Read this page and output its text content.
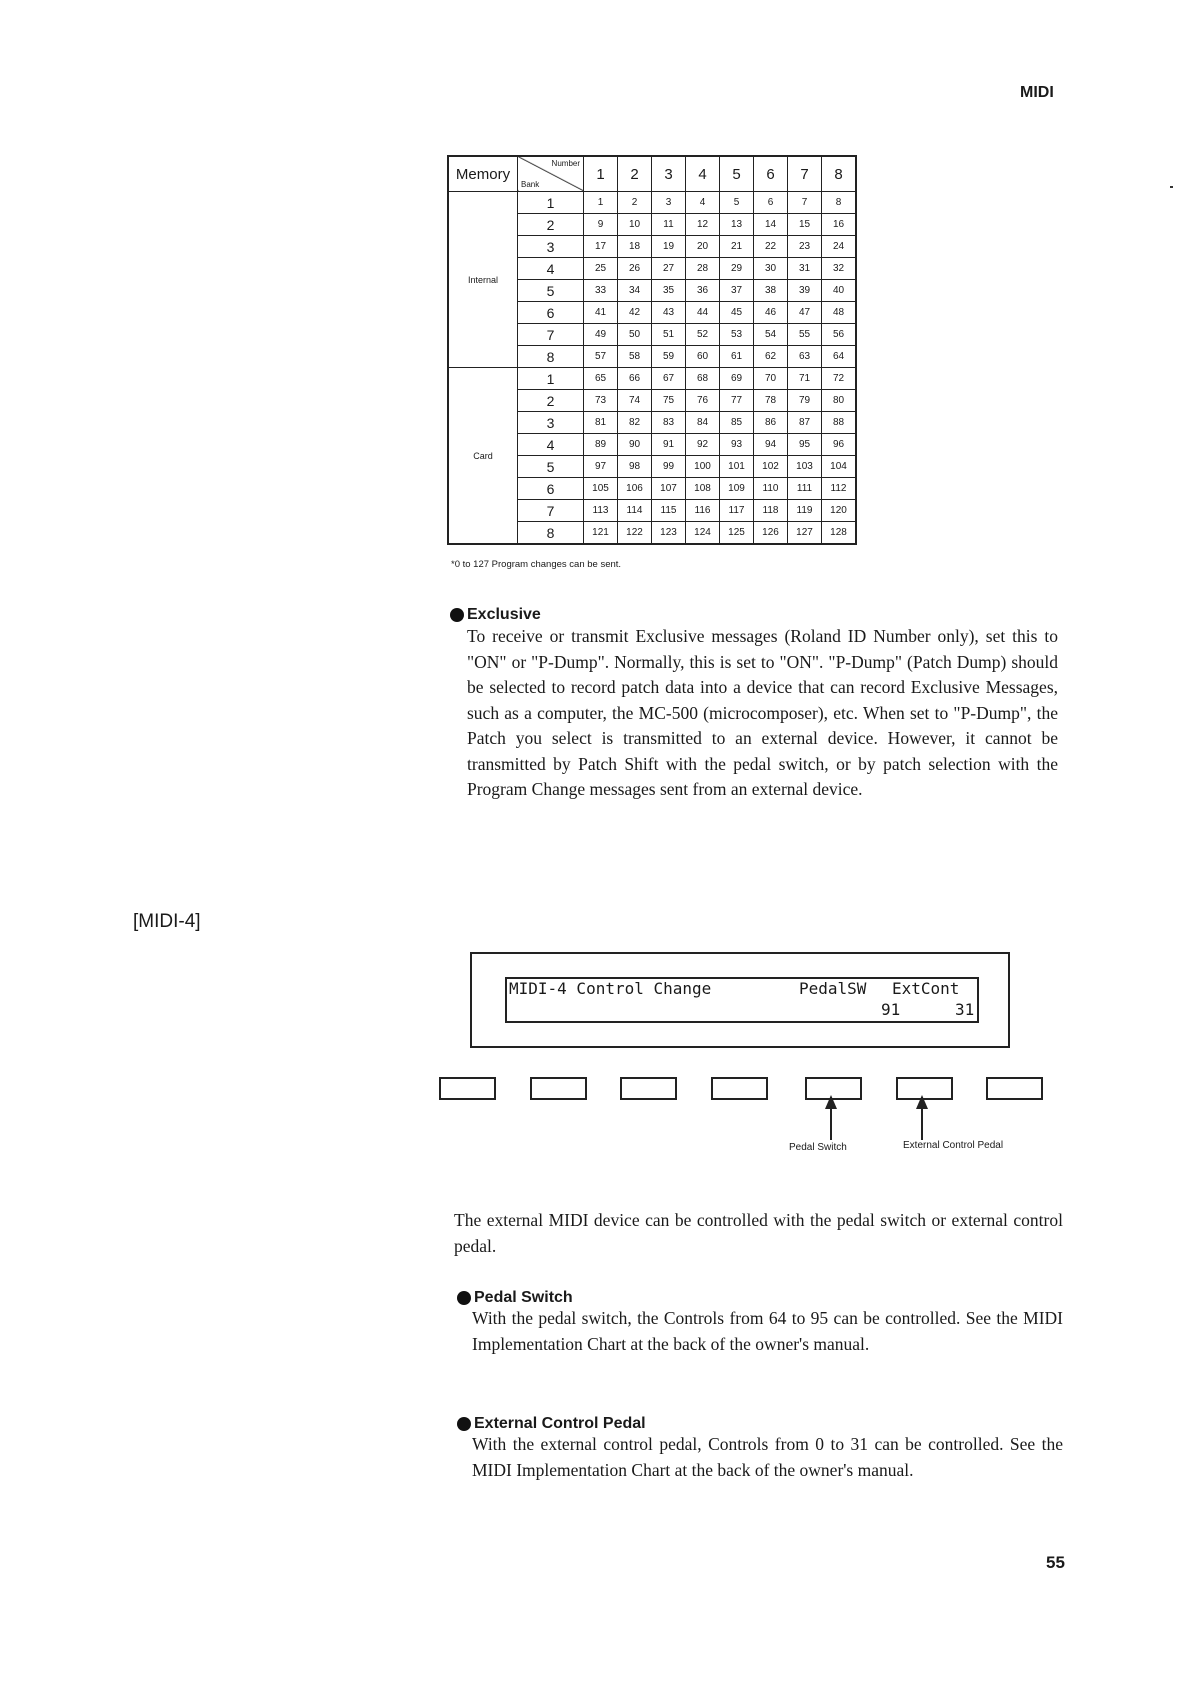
MIDI
Memory	Number
Bank	1	2	3	4	5	6	7	8
Internal	1	1	2	3	4	5	6	7	8
	2	9	10	11	12	13	14	15	16
	3	17	18	19	20	21	22	23	24
	4	25	26	27	28	29	30	31	32
	5	33	34	35	36	37	38	39	40
	6	41	42	43	44	45	46	47	48
	7	49	50	51	52	53	54	55	56
	8	57	58	59	60	61	62	63	64
Card	1	65	66	67	68	69	70	71	72
	2	73	74	75	76	77	78	79	80
	3	81	82	83	84	85	86	87	88
	4	89	90	91	92	93	94	95	96
	5	97	98	99	100	101	102	103	104
	6	105	106	107	108	109	110	111	112
	7	113	114	115	116	117	118	119	120
	8	121	122	123	124	125	126	127	128
*0 to 127 Program changes can be sent.
Exclusive
To receive or transmit Exclusive messages (Roland ID Number only), set this to "ON" or "P-Dump". Normally, this is set to "ON". "P-Dump" (Patch Dump) should be selected to record patch data into a device that can record Exclusive Messages, such as a computer, the MC-500 (microcomposer), etc. When set to "P-Dump", the Patch you select is transmitted to an external device. However, it cannot be transmitted by Patch Shift with the pedal switch, or by patch selection with the Program Change messages sent from an external device.
[MIDI-4]
MIDI-4 Control Change	PedalSW ExtCont
91	31
Pedal Switch	External Control Pedal
The external MIDI device can be controlled with the pedal switch or external control pedal.
Pedal Switch
With the pedal switch, the Controls from 64 to 95 can be controlled. See the MIDI Implementation Chart at the back of the owner's manual.
External Control Pedal
With the external control pedal, Controls from 0 to 31 can be controlled. See the MIDI Implementation Chart at the back of the owner's manual.
55
